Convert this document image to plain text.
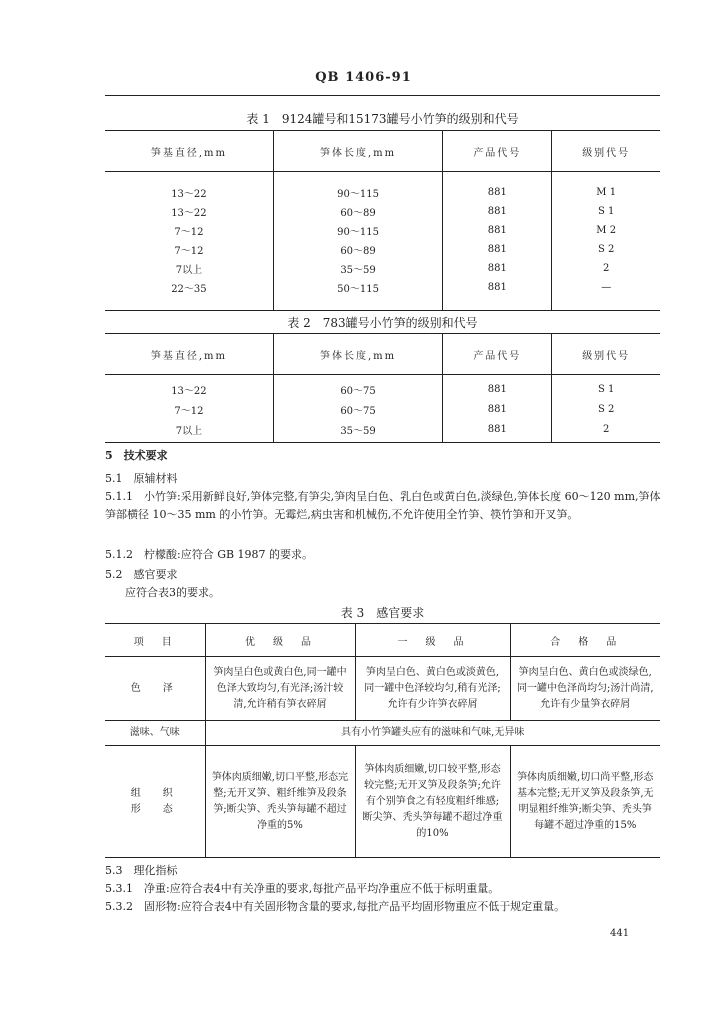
QB 1406-91
表 1　9124罐号和15173罐号小竹笋的级别和代号
笋基直径,mm	笋体长度,mm	产品代号	级别代号
13～22	90～115	881	M 1
13～22	60～89	881	S 1
7～12	90～115	881	M 2
7～12	60～89	881	S 2
7以上	35～59	881	2
22～35	50～115	881	—
表 2　783罐号小竹笋的级别和代号
笋基直径,mm	笋体长度,mm	产品代号	级别代号
13～22	60～75	881	S 1
7～12	60～75	881	S 2
7以上	35～59	881	2
5　技术要求
5.1　原辅材料
5.1.1　小竹笋:采用新鲜良好,笋体完整,有笋尖,笋肉呈白色、乳白色或黄白色,淡绿色,笋体长度 60～120 mm,笋体笋部横径 10～35 mm 的小竹笋。无霉烂,病虫害和机械伤,不允许使用全竹笋、筷竹笋和开叉笋。
5.1.2　柠檬酸:应符合 GB 1987 的要求。
5.2　感官要求
应符合表3的要求。
表 3　感官要求
项　目	优　级　品	一　级　品	合　格　品
色　泽	笋肉呈白色或黄白色,同一罐中色泽大致均匀,有光泽;汤汁较清,允许稍有笋衣碎屑	笋肉呈白色、黄白色或淡黄色,同一罐中色泽较均匀,稍有光泽;允许有少许笋衣碎屑	笋肉呈白色、黄白色或淡绿色,同一罐中色泽尚均匀;汤汁尚清,允许有少量笋衣碎屑
滋味、气味	具有小竹笋罐头应有的滋味和气味,无异味		
组　织
形　态	笋体肉质细嫩,切口平整,形态完整;无开叉笋、粗纤维笋及段条笋;断尖笋、秃头笋每罐不超过净重的5%	笋体肉质细嫩,切口较平整,形态较完整;无开叉笋及段条笋;允许有个别笋食之有轻度粗纤维感;断尖笋、秃头笋每罐不超过净重的10%	笋体肉质细嫩,切口尚平整,形态基本完整;无开叉笋及段条笋,无明显粗纤维笋;断尖笋、秃头笋每罐不超过净重的15%
5.3　理化指标
5.3.1　净重:应符合表4中有关净重的要求,每批产品平均净重应不低于标明重量。
5.3.2　固形物:应符合表4中有关固形物含量的要求,每批产品平均固形物重应不低于规定重量。
441
